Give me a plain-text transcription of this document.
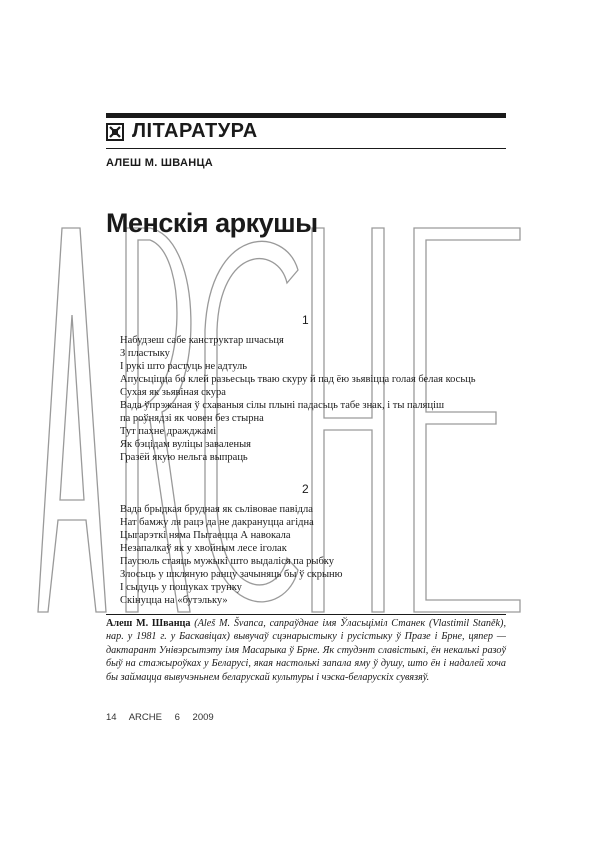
ЛІТАРАТУРА
АЛЕШ М. ШВАНЦА
Менскія аркушы
1
Набудзеш сабе канструктар шчасьця
З пластыку
І рукі што растуць не адтуль
Апусьціцца бо клей разьесьць тваю скуру й пад ёю зьявіцца голая белая косьць
Сухая як зьявіная скура
Вада ўпрэжаная ў схаваныя сілы плыні падасьць табе знак, і ты паляціш
па роўнядзі як човен без стырна
Тут пахне дражджамі
Як бэцідам вуліцы заваленыя
Гразёй якую нельга выпраць
2
Вада брыдкая брудная як сьлівовае павідла
Нат бамжу ля рацэ да не дакрануцца агідна
Цыгарэткі няма Пытаецца А навокала
Незапалкаў як у хвойным лесе іголак
Паусюль стаяць мужыкі што выдаліся па рыбку
Злосьць у шкляную ранцу зачыняць бы ў скрыню
І сыдуць у пошуках трунку
Скінуцца на «бутэльку»

Алеш М. Шванца (Aleš M. Švanca, сапраўднае імя Ўласьціміл Станек (Vlastimil Staněk), нар. у 1981 г. у Баскавіцах) вывучаў сцэнарыстыку і русістыку ў Празе і Брне, цяпер — дактарант Унівэрсытэту імя Масарыка ў Брне. Як студэнт славістыкі, ён некалькі разоў быў на стажыроўках у Беларусі, якая настолькі запала яму ў душу, што ён і надалей хоча бы займацца вывучэньнем беларускай культуры і чэска-беларускіх сувязяў.

14 ARCHE 6 2009
